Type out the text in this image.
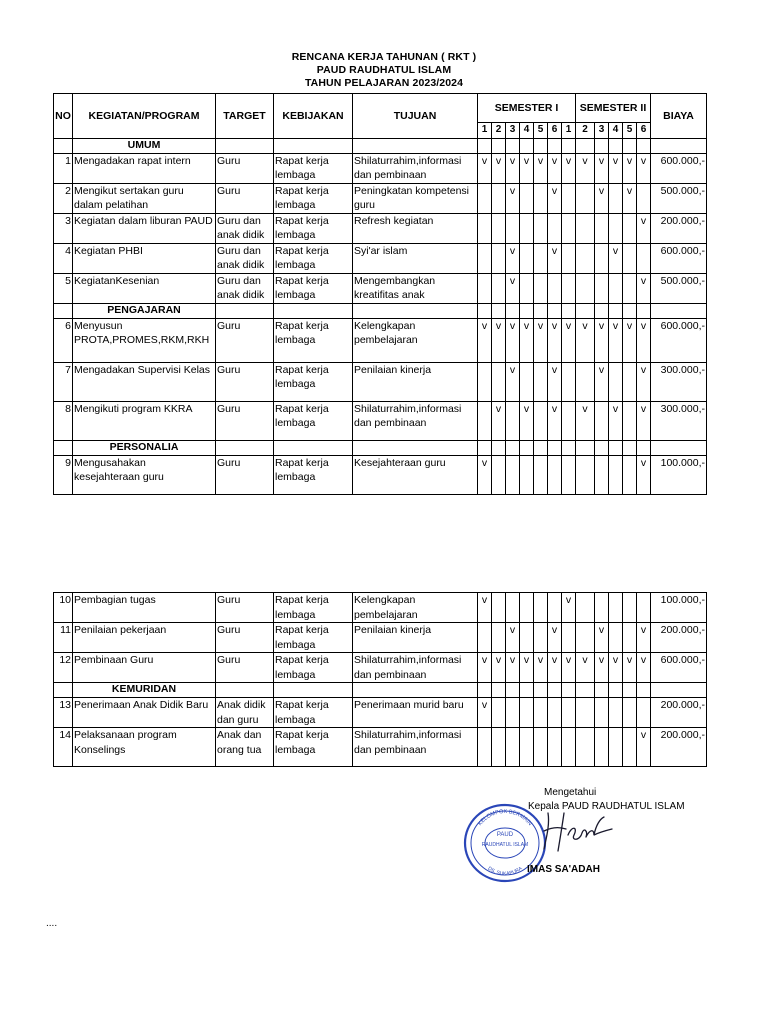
RENCANA KERJA TAHUNAN ( RKT )
PAUD RAUDHATUL ISLAM
TAHUN PELAJARAN 2023/2024
NO	KEGIATAN/PROGRAM	TARGET	KEBIJAKAN	TUJUAN	SEMESTER I							SEMESTER II					BIAYA
					1	2	3	4	5	6	1	2	3	4	5	6	
	UMUM																
1	Mengadakan rapat intern	Guru	Rapat kerja lembaga	Shilaturrahim,informasi dan pembinaan	v	v	v	v	v	v	v	v	v	v	v	v	600.000,-
2	Mengikut sertakan guru dalam pelatihan	Guru	Rapat kerja lembaga	Peningkatan kompetensi guru			v			v			v		v		500.000,-
3	Kegiatan dalam liburan PAUD	Guru dan anak didik	Rapat kerja lembaga	Refresh kegiatan												v	200.000,-
4	Kegiatan PHBI	Guru dan anak didik	Rapat kerja lembaga	Syi'ar islam			v			v				v			600.000,-
5	KegiatanKesenian	Guru dan anak didik	Rapat kerja lembaga	Mengembangkan kreatifitas anak			v									v	500.000,-
	PENGAJARAN																
6	Menyusun PROTA,PROMES,RKM,RKH	Guru	Rapat kerja lembaga	Kelengkapan pembelajaran	v	v	v	v	v	v	v	v	v	v	v	v	600.000,-
7	Mengadakan Supervisi Kelas	Guru	Rapat kerja lembaga	Penilaian kinerja			v			v			v			v	300.000,-
8	Mengikuti program KKRA	Guru	Rapat kerja lembaga	Shilaturrahim,informasi dan pembinaan		v		v		v		v		v		v	300.000,-
	PERSONALIA																
9	Mengusahakan kesejahteraan guru	Guru	Rapat kerja lembaga	Kesejahteraan guru	v											v	100.000,-
10	Pembagian tugas	Guru	Rapat kerja lembaga	Kelengkapan pembelajaran	v						v						100.000,-
11	Penilaian pekerjaan	Guru	Rapat kerja lembaga	Penilaian kinerja			v			v			v			v	200.000,-
12	Pembinaan Guru	Guru	Rapat kerja lembaga	Shilaturrahim,informasi dan pembinaan	v	v	v	v	v	v	v	v	v	v	v	v	600.000,-
	KEMURIDAN																
13	Penerimaan Anak Didik Baru	Anak didik dan guru	Rapat kerja lembaga	Penerimaan murid baru	v												200.000,-
14	Pelaksanaan program Konselings	Anak dan orang tua	Rapat kerja lembaga	Shilaturrahim,informasi dan pembinaan												v	200.000,-
Mengetahui
Kepala PAUD RAUDHATUL ISLAM
KELOMPOK BERMAIN
PAUD
RAUDHATUL ISLAM
DS. SUKAPURA IMAS SA'ADAH
....
